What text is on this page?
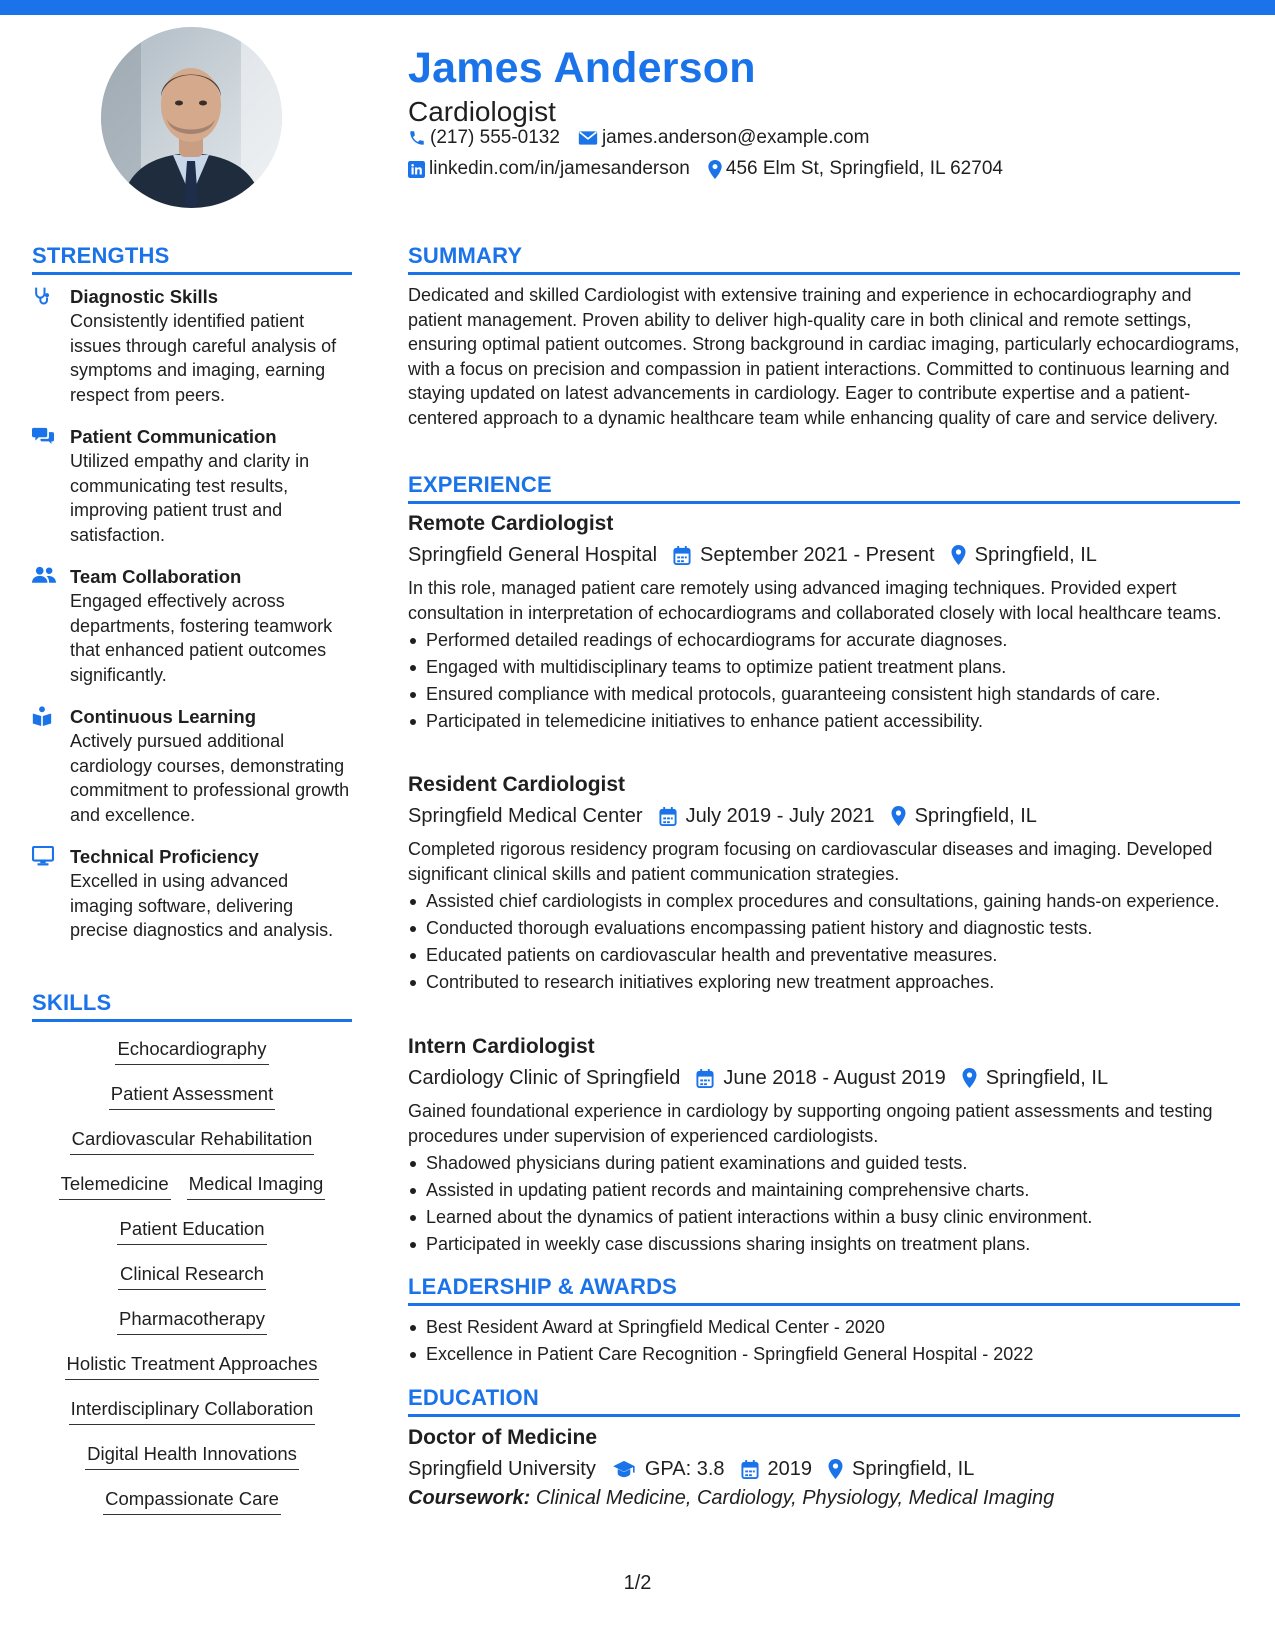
James Anderson
Cardiologist
(217) 555-0132 james.anderson@example.com
linkedin.com/in/jamesanderson 456 Elm St, Springfield, IL 62704
STRENGTHS
Diagnostic Skills
Consistently identified patient issues through careful analysis of symptoms and imaging, earning respect from peers.
Patient Communication
Utilized empathy and clarity in communicating test results, improving patient trust and satisfaction.
Team Collaboration
Engaged effectively across departments, fostering teamwork that enhanced patient outcomes significantly.
Continuous Learning
Actively pursued additional cardiology courses, demonstrating commitment to professional growth and excellence.
Technical Proficiency
Excelled in using advanced imaging software, delivering precise diagnostics and analysis.
SKILLS
Echocardiography
Patient Assessment
Cardiovascular Rehabilitation
Telemedicine Medical Imaging
Patient Education
Clinical Research
Pharmacotherapy
Holistic Treatment Approaches
Interdisciplinary Collaboration
Digital Health Innovations
Compassionate Care
SUMMARY
Dedicated and skilled Cardiologist with extensive training and experience in echocardiography and patient management. Proven ability to deliver high-quality care in both clinical and remote settings, ensuring optimal patient outcomes. Strong background in cardiac imaging, particularly echocardiograms, with a focus on precision and compassion in patient interactions. Committed to continuous learning and staying updated on latest advancements in cardiology. Eager to contribute expertise and a patient-centered approach to a dynamic healthcare team while enhancing quality of care and service delivery.
EXPERIENCE
Remote Cardiologist
Springfield General Hospital September 2021 - Present Springfield, IL
In this role, managed patient care remotely using advanced imaging techniques. Provided expert consultation in interpretation of echocardiograms and collaborated closely with local healthcare teams.
Performed detailed readings of echocardiograms for accurate diagnoses.
Engaged with multidisciplinary teams to optimize patient treatment plans.
Ensured compliance with medical protocols, guaranteeing consistent high standards of care.
Participated in telemedicine initiatives to enhance patient accessibility.
Resident Cardiologist
Springfield Medical Center July 2019 - July 2021 Springfield, IL
Completed rigorous residency program focusing on cardiovascular diseases and imaging. Developed significant clinical skills and patient communication strategies.
Assisted chief cardiologists in complex procedures and consultations, gaining hands-on experience.
Conducted thorough evaluations encompassing patient history and diagnostic tests.
Educated patients on cardiovascular health and preventative measures.
Contributed to research initiatives exploring new treatment approaches.
Intern Cardiologist
Cardiology Clinic of Springfield June 2018 - August 2019 Springfield, IL
Gained foundational experience in cardiology by supporting ongoing patient assessments and testing procedures under supervision of experienced cardiologists.
Shadowed physicians during patient examinations and guided tests.
Assisted in updating patient records and maintaining comprehensive charts.
Learned about the dynamics of patient interactions within a busy clinic environment.
Participated in weekly case discussions sharing insights on treatment plans.
LEADERSHIP & AWARDS
Best Resident Award at Springfield Medical Center - 2020
Excellence in Patient Care Recognition - Springfield General Hospital - 2022
EDUCATION
Doctor of Medicine
Springfield University GPA: 3.8 2019 Springfield, IL
Coursework: Clinical Medicine, Cardiology, Physiology, Medical Imaging
1/2
